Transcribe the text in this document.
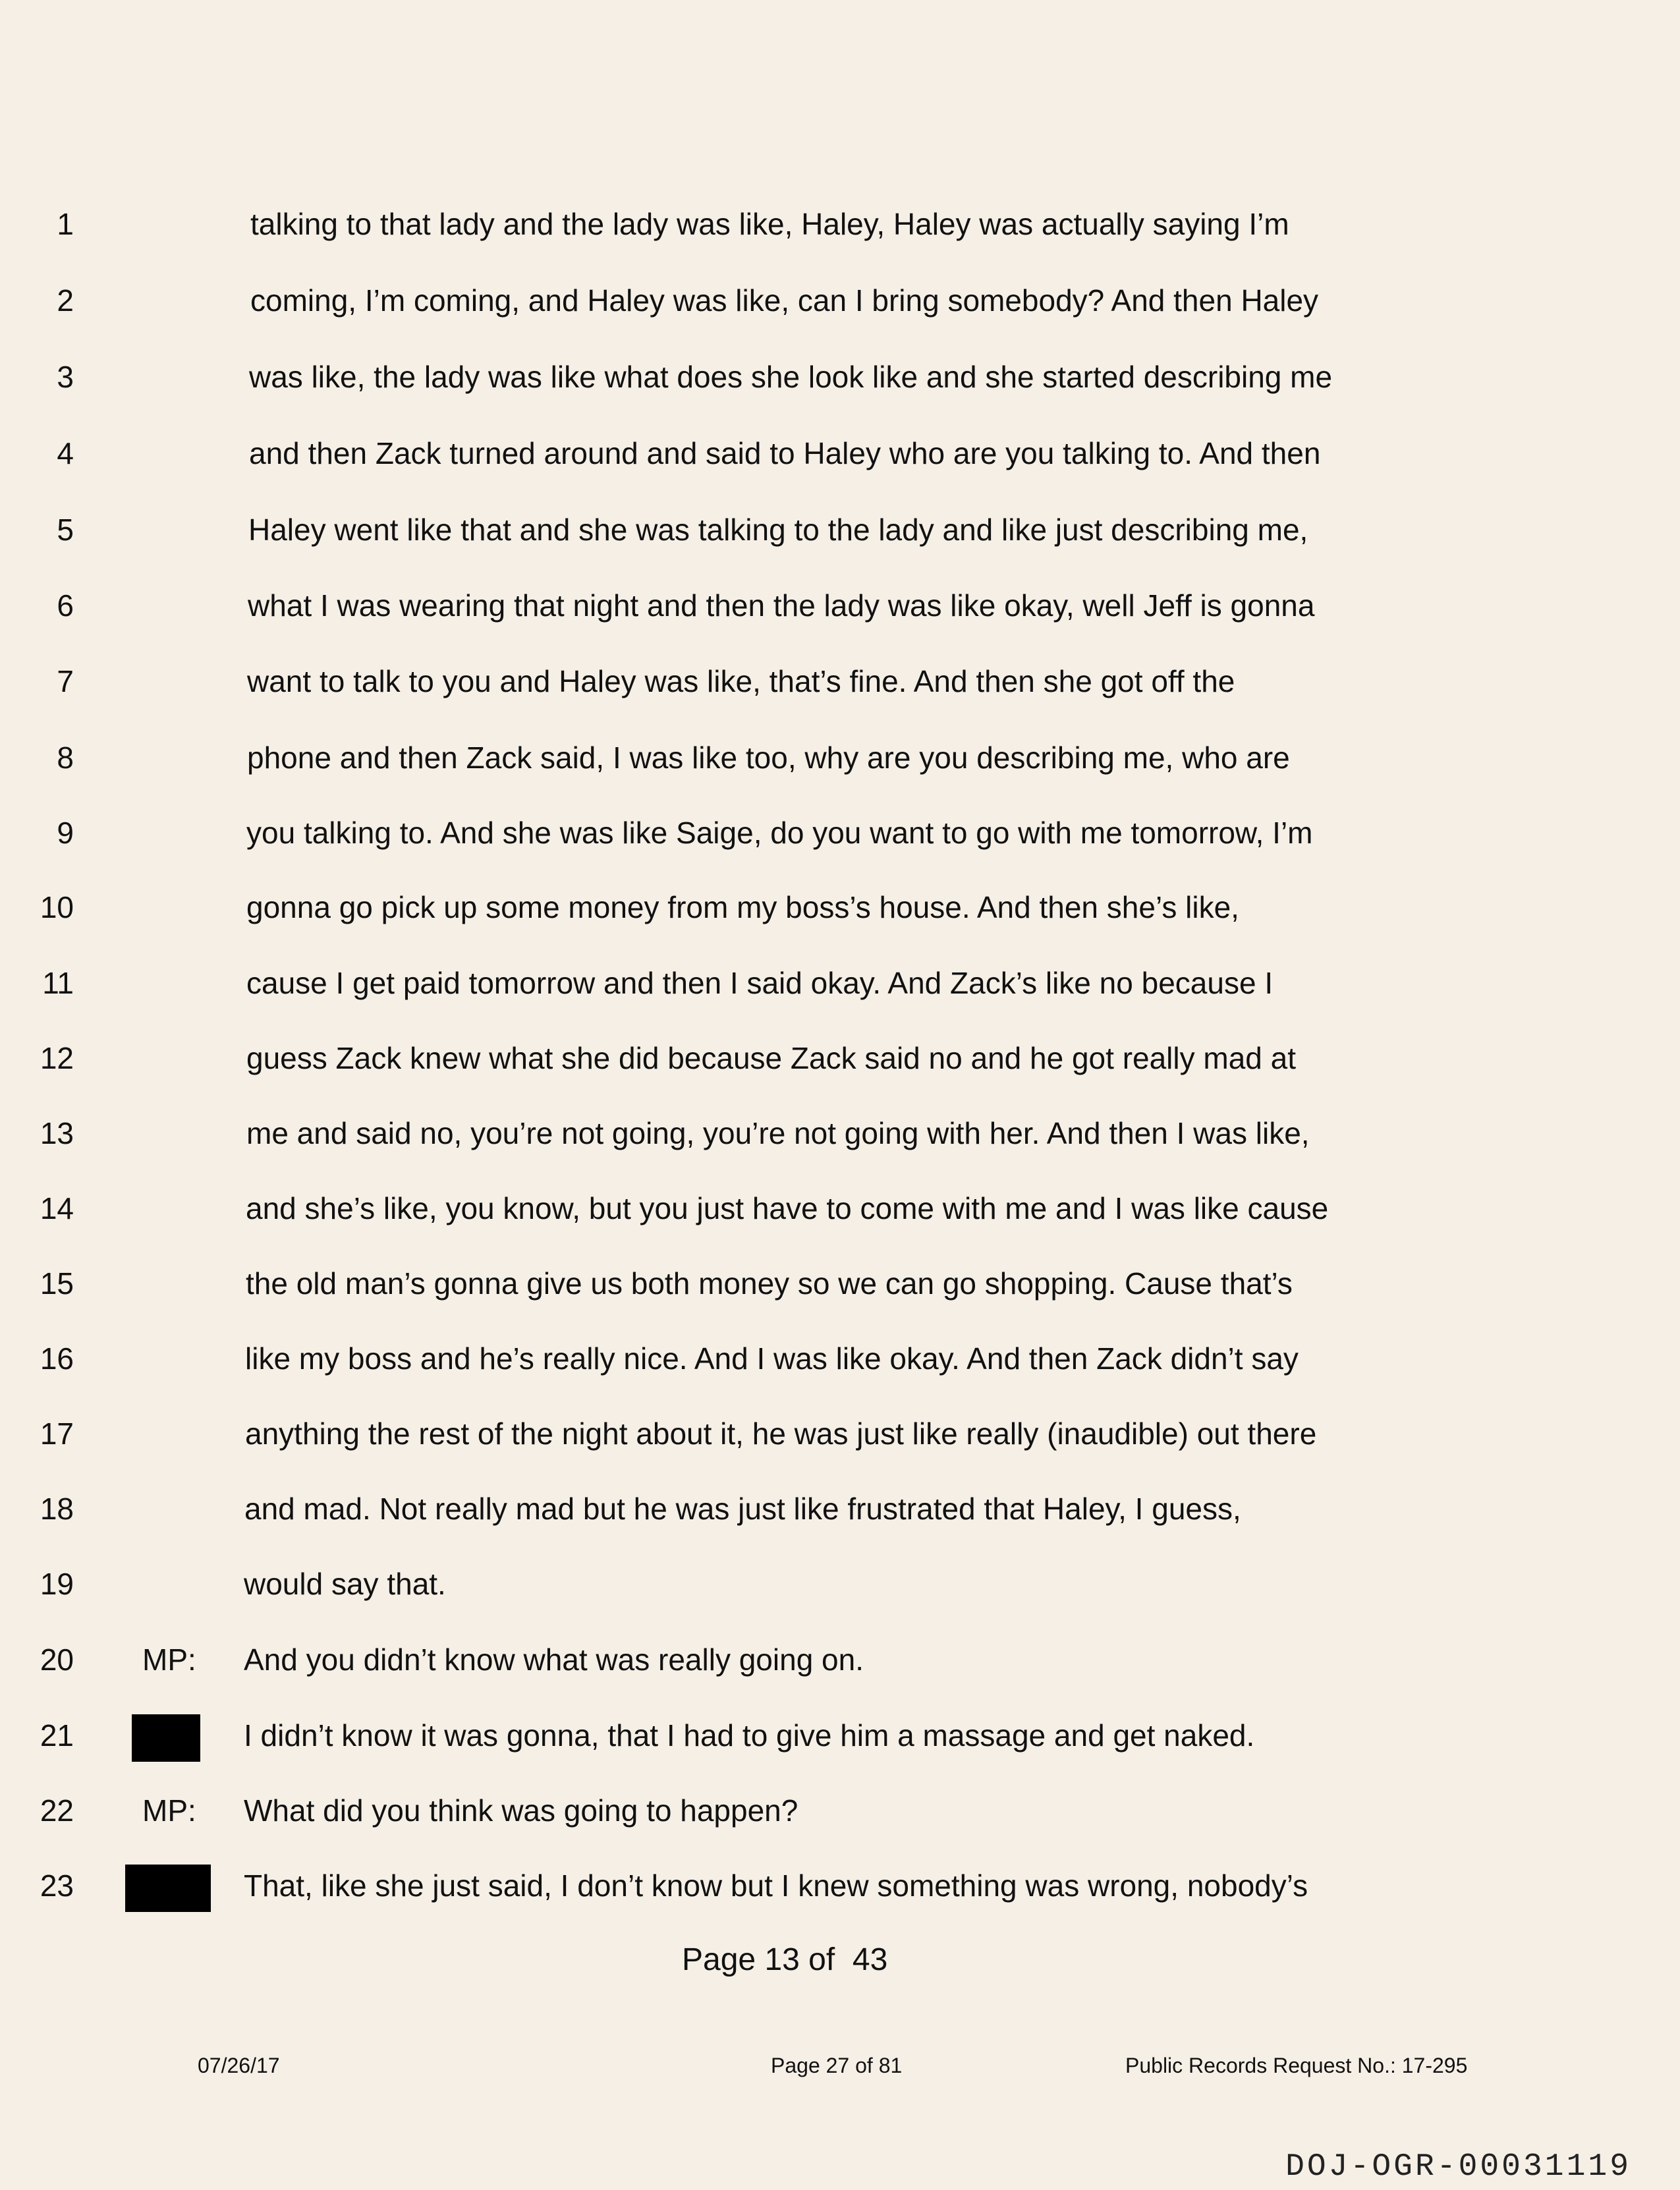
1	talking to that lady and the lady was like, Haley, Haley was actually saying I’m
2	coming, I’m coming, and Haley was like, can I bring somebody? And then Haley
3	was like, the lady was like what does she look like and she started describing me
4	and then Zack turned around and said to Haley who are you talking to. And then
5	Haley went like that and she was talking to the lady and like just describing me,
6	what I was wearing that night and then the lady was like okay, well Jeff is gonna
7	want to talk to you and Haley was like, that’s fine. And then she got off the
8	phone and then Zack said, I was like too, why are you describing me, who are
9	you talking to. And she was like Saige, do you want to go with me tomorrow, I’m
10	gonna go pick up some money from my boss’s house. And then she’s like,
11	cause I get paid tomorrow and then I said okay. And Zack’s like no because I
12	guess Zack knew what she did because Zack said no and he got really mad at
13	me and said no, you’re not going, you’re not going with her. And then I was like,
14	and she’s like, you know, but you just have to come with me and I was like cause
15	the old man’s gonna give us both money so we can go shopping. Cause that’s
16	like my boss and he’s really nice. And I was like okay. And then Zack didn’t say
17	anything the rest of the night about it, he was just like really (inaudible) out there
18	and mad. Not really mad but he was just like frustrated that Haley, I guess,
19	would say that.
20 MP: And you didn’t know what was really going on.
21	I didn’t know it was gonna, that I had to give him a massage and get naked.
22 MP: What did you think was going to happen?
23	That, like she just said, I don’t know but I knew something was wrong, nobody’s
Page 13 of  43
07/26/17	Page 27 of 81	Public Records Request No.: 17-295
DOJ-OGR-00031119
